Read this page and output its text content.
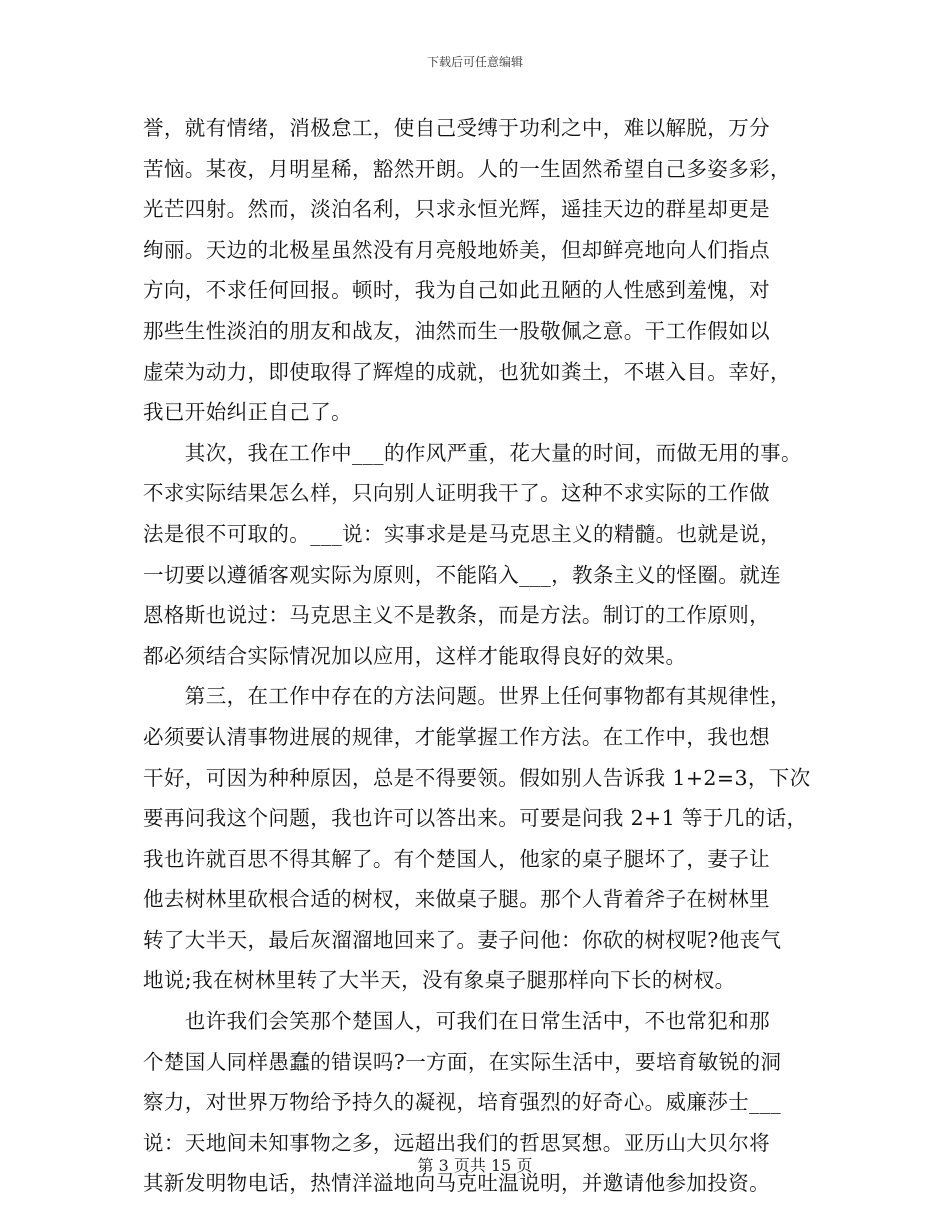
下载后可任意编辑
誉，就有情绪，消极怠工，使自己受缚于功利之中，难以解脱，万分
苦恼。某夜，月明星稀，豁然开朗。人的一生固然希望自己多姿多彩，
光芒四射。然而，淡泊名利，只求永恒光辉，遥挂天边的群星却更是
绚丽。天边的北极星虽然没有月亮般地娇美，但却鲜亮地向人们指点
方向，不求任何回报。顿时，我为自己如此丑陋的人性感到羞愧，对
那些生性淡泊的朋友和战友，油然而生一股敬佩之意。干工作假如以
虚荣为动力，即使取得了辉煌的成就，也犹如粪土，不堪入目。幸好，
我已开始纠正自己了。
　　其次，我在工作中___的作风严重，花大量的时间，而做无用的事。
不求实际结果怎么样，只向别人证明我干了。这种不求实际的工作做
法是很不可取的。___说：实事求是是马克思主义的精髓。也就是说，
一切要以遵循客观实际为原则，不能陷入___，教条主义的怪圈。就连
恩格斯也说过：马克思主义不是教条，而是方法。制订的工作原则，
都必须结合实际情况加以应用，这样才能取得良好的效果。
　　第三，在工作中存在的方法问题。世界上任何事物都有其规律性，
必须要认清事物进展的规律，才能掌握工作方法。在工作中，我也想
干好，可因为种种原因，总是不得要领。假如别人告诉我 1+2=3，下次
要再问我这个问题，我也许可以答出来。可要是问我 2+1 等于几的话，
我也许就百思不得其解了。有个楚国人，他家的桌子腿坏了，妻子让
他去树林里砍根合适的树杈，来做桌子腿。那个人背着斧子在树林里
转了大半天，最后灰溜溜地回来了。妻子问他：你砍的树杈呢?他丧气
地说;我在树林里转了大半天，没有象桌子腿那样向下长的树杈。
　　也许我们会笑那个楚国人，可我们在日常生活中，不也常犯和那
个楚国人同样愚蠢的错误吗?一方面，在实际生活中，要培育敏锐的洞
察力，对世界万物给予持久的凝视，培育强烈的好奇心。威廉莎士___
说：天地间未知事物之多，远超出我们的哲思冥想。亚历山大贝尔将
其新发明物电话，热情洋溢地向马克吐温说明，并邀请他参加投资。
第 3 页共 15 页
